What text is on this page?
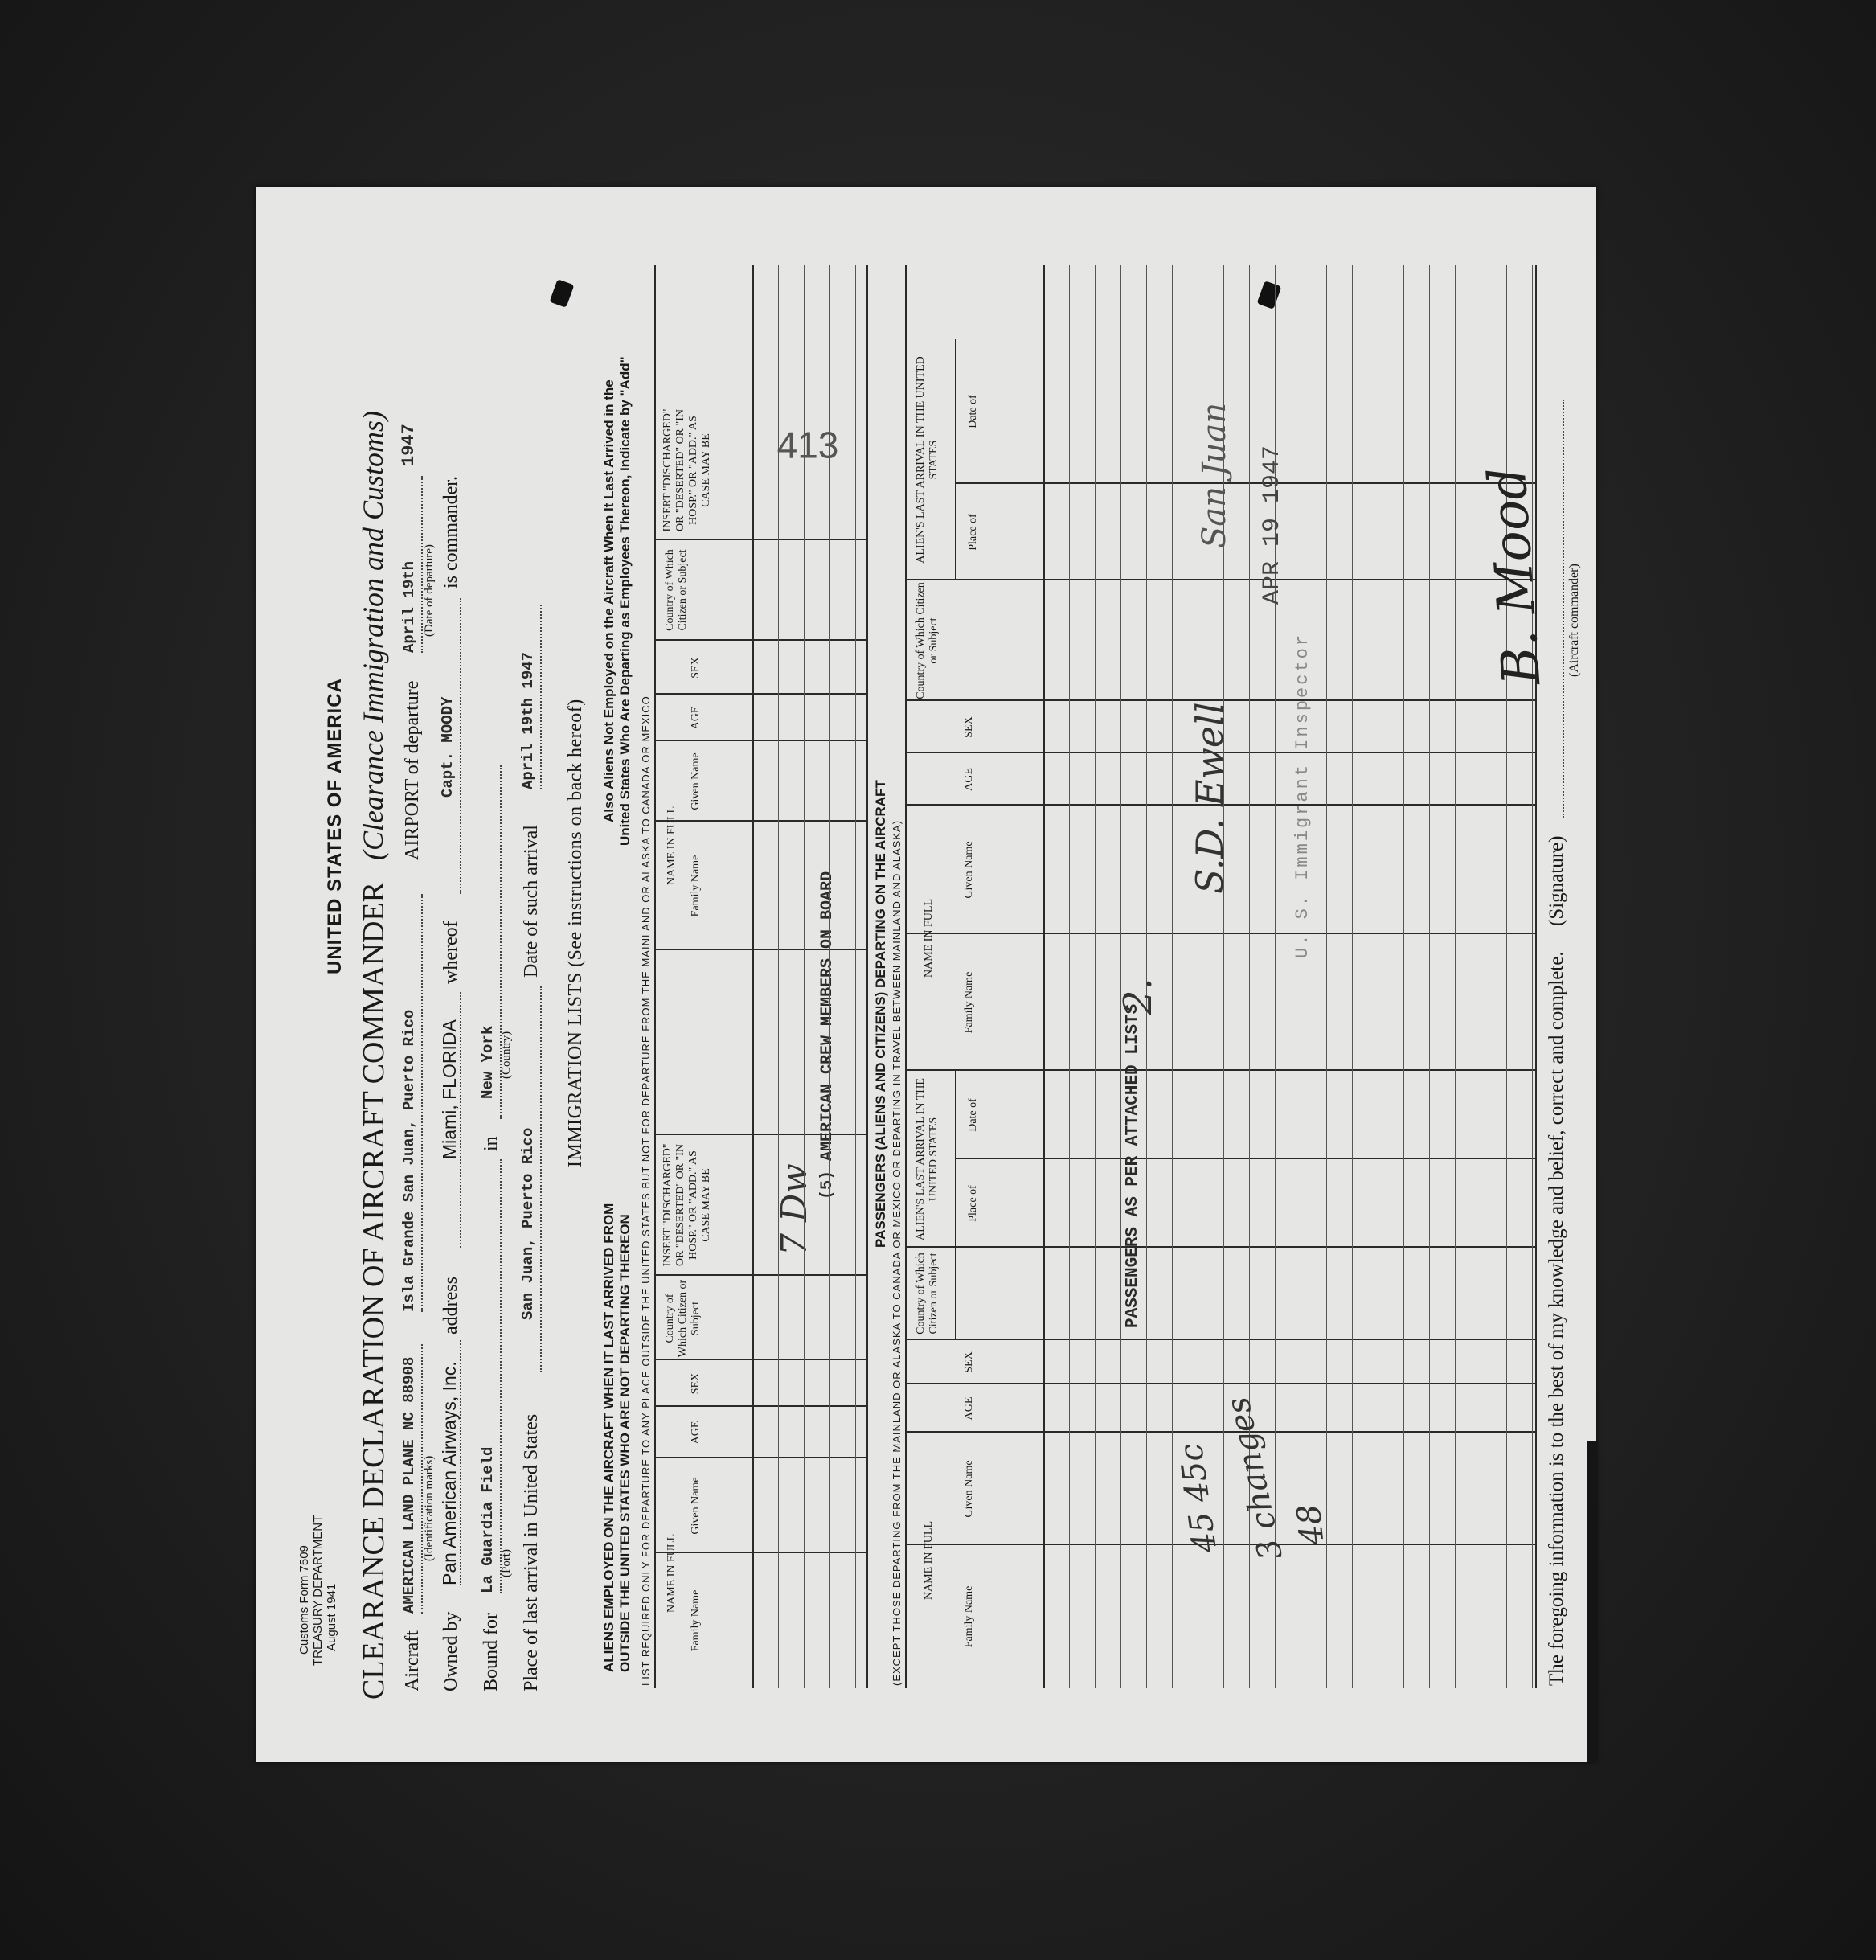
Customs Form 7509 TREASURY DEPARTMENT August 1941
UNITED STATES OF AMERICA
CLEARANCE DECLARATION OF AIRCRAFT COMMANDER
(Clearance Immigration and Customs)
Aircraft
AMERICAN LAND PLANE NC 88908 (Identification marks)
Isla Grande San Juan, Puerto Rico
AIRPORT of departure
April 19th
1947
(Date of departure)
Owned by
Pan American Airways, Inc.
address
Miami, FLORIDA
whereof
Capt. MOODY
is commander.
Bound for
La Guardia Field (Port)
in
New York (Country)
Place of last arrival in United States
San Juan, Puerto Rico
Date of such arrival
April 19th 1947 IMMIGRATION LISTS (See instructions on back hereof)
ALIENS EMPLOYED ON THE AIRCRAFT WHEN IT LAST ARRIVED FROM OUTSIDE THE UNITED STATES WHO ARE NOT DEPARTING THEREON
Also Aliens Not Employed on the Aircraft When It Last Arrived in the United States Who Are Departing as Employees Thereon, Indicate by "Add"
LIST REQUIRED ONLY FOR DEPARTURE TO ANY PLACE OUTSIDE THE UNITED STATES BUT NOT FOR DEPARTURE FROM THE MAINLAND OR ALASKA TO CANADA OR MEXICO NAME IN FULL
Family Name
Given Name
AGE
SEX
Country of Which Citizen or Subject
INSERT "DISCHARGED" OR "DESERTED" OR "IN HOSP." OR "ADD." AS CASE MAY BE
NAME IN FULL
Family Name
Given Name
AGE
SEX
Country of Which Citizen or Subject
INSERT "DISCHARGED" OR "DESERTED" OR "IN HOSP." OR "ADD." AS CASE MAY BE
7 Dw
(5) AMERICAN CREW MEMBERS ON BOARD
413
PASSENGERS (ALIENS AND CITIZENS) DEPARTING ON THE AIRCRAFT (EXCEPT THOSE DEPARTING FROM THE MAINLAND OR ALASKA TO CANADA OR MEXICO OR DEPARTING IN TRAVEL BETWEEN MAINLAND AND ALASKA) NAME IN FULL
Family Name
Given Name
AGE
SEX
Country of Which Citizen or Subject
ALIEN'S LAST ARRIVAL IN THE UNITED STATES
Place of
Date of
NAME IN FULL
Family Name
Given Name
AGE
SEX
Country of Which Citizen or Subject
ALIEN'S LAST ARRIVAL IN THE UNITED STATES
Place of
Date of
PASSENGERS AS PER ATTACHED LISTS
2.
45 45c
3 changes 48
S.D. Ewell
APR 19 1947
U. S. Immigrant Inspector
San Juan
The foregoing information is to the best of my knowledge and belief, correct and complete.
(Signature)
B. Mood (Aircraft commander)
